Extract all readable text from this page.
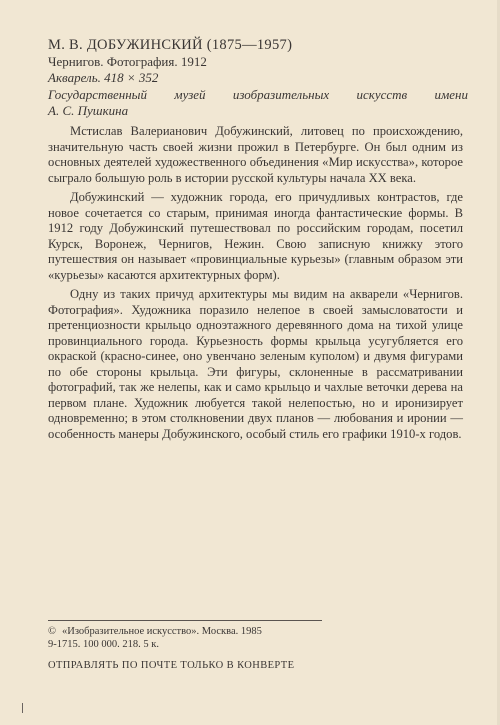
М. В. ДОБУЖИНСКИЙ (1875—1957)
Чернигов. Фотография. 1912
Акварель. 418 × 352
Государственный музей изобразительных искусств имени
А. С. Пушкина

Мстислав Валерианович Добужинский, литовец по происхождению, значительную часть своей жизни прожил в Петербурге. Он был одним из основных деятелей художественного объединения «Мир искусства», которое сыграло большую роль в истории русской культуры начала XX века.

Добужинский — художник города, его причудливых контрастов, где новое сочетается со старым, принимая иногда фантастические формы. В 1912 году Добужинский путешествовал по российским городам, посетил Курск, Воронеж, Чернигов, Нежин. Свою записную книжку этого путешествия он называет «провинциальные курьезы» (главным образом эти «курьезы» касаются архитектурных форм).

Одну из таких причуд архитектуры мы видим на акварели «Чернигов. Фотография». Художника поразило нелепое в своей замысловатости и претенциозности крыльцо одноэтажного деревянного дома на тихой улице провинциального города. Курьезность формы крыльца усугубляется его окраской (красно-синее, оно увенчано зеленым куполом) и двумя фигурами по обе стороны крыльца. Эти фигуры, склоненные в рассматривании фотографий, так же нелепы, как и само крыльцо и чахлые веточки дерева на первом плане. Художник любуется такой нелепостью, но и иронизирует одновременно; в этом столкновении двух планов — любования и иронии — особенность манеры Добужинского, особый стиль его графики 1910-х годов.

© «Изобразительное искусство». Москва. 1985
9-1715. 100 000. 218. 5 к.
ОТПРАВЛЯТЬ ПО ПОЧТЕ ТОЛЬКО В КОНВЕРТЕ
